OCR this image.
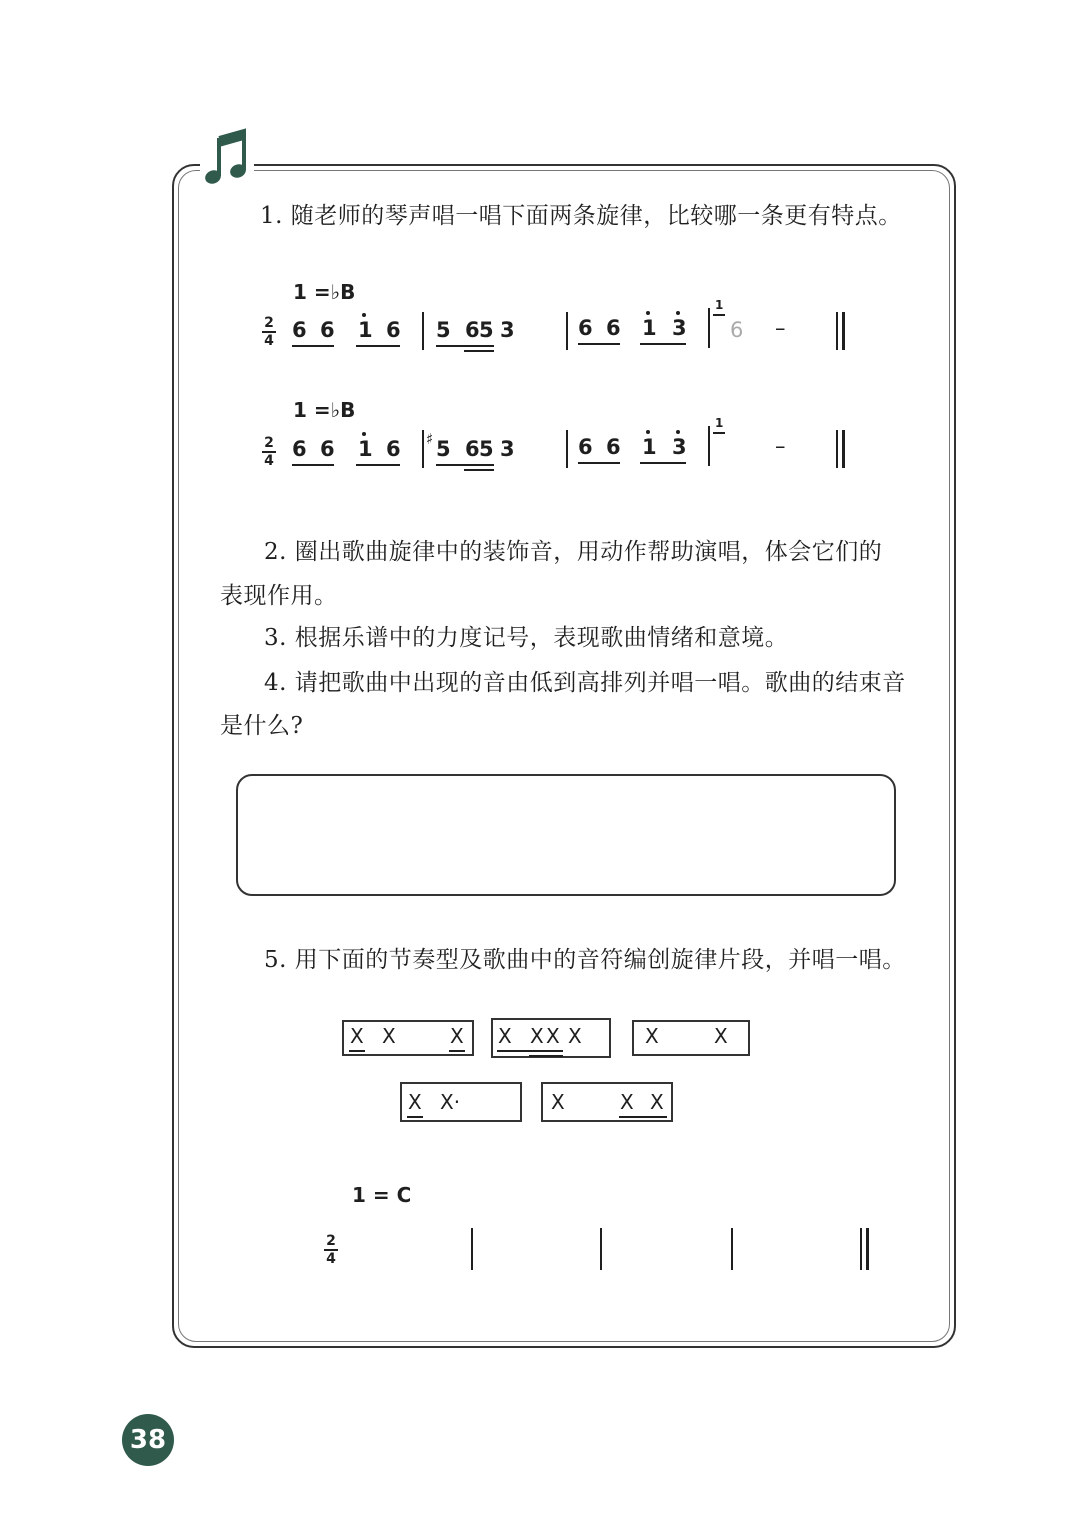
1. 随老师的琴声唱一唱下面两条旋律，比较哪一条更有特点。
1 =♭B
2
4 6 6 1 6 5 6 5 3	6 6 1 3
1
6 –
1 =♭B
2
4 6 6 1 6 ♯ 5 6 5 3	6 6 1 3
1
–
2. 圈出歌曲旋律中的装饰音，用动作帮助演唱，体会它们的
表现作用。
3. 根据乐谱中的力度记号，表现歌曲情绪和意境。
4. 请把歌曲中出现的音由低到高排列并唱一唱。歌曲的结束音
是什么?
5. 用下面的节奏型及歌曲中的音符编创旋律片段，并唱一唱。
X X	X X X X X	X	X
X X·	X	X X
1 = C
2
4
38
